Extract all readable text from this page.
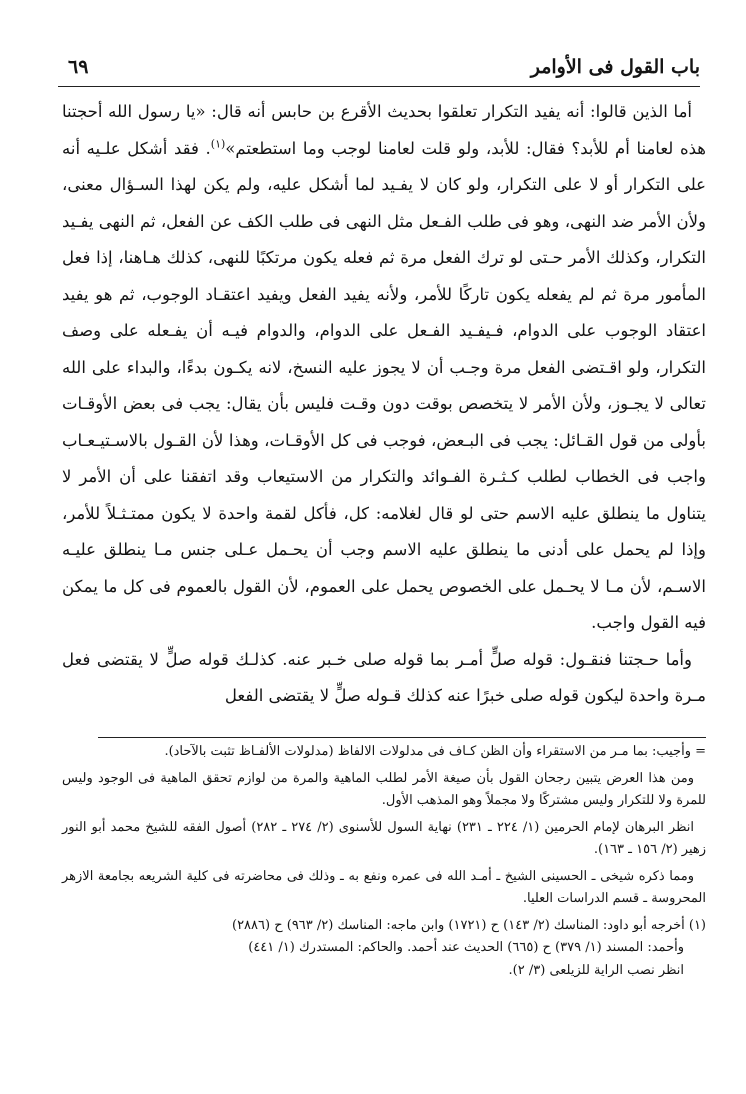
باب القول فى الأوامر
٦٩

أما الذين قالوا: أنه يفيد التكرار تعلقوا بحديث الأقرع بن حابس أنه قال: «يا رسول الله أحجتنا هذه لعامنا أم للأبد؟ فقال: للأبد، ولو قلت لعامنا لوجب وما استطعتم»$^{(١)}$. فقد أشكل علـيه أنه على التكرار أو لا على التكرار، ولو كان لا يفـيد لما أشكل عليه، ولم يكن لهذا السـؤال معنى، ولأن الأمر ضد النهى، وهو فى طلب الفـعل مثل النهى فى طلب الكف عن الفعل، ثم النهى يفـيد التكرار، وكذلك الأمر حـتى لو ترك الفعل مرة ثم فعله يكون مرتكبًا للنهى، كذلك هـاهنا، إذا فعل المأمور مرة ثم لم يفعله يكون تاركًا للأمر، ولأنه يفيد الفعل ويفيد اعتقـاد الوجوب، ثم هو يفيد اعتقاد الوجوب على الدوام، فـيفـيد الفـعل على الدوام، والدوام فيـه أن يفـعله على وصف التكرار، ولو اقـتضى الفعل مرة وجـب أن لا يجوز عليه النسخ، لانه يكـون بدءًا، والبداء على الله تعالى لا يجـوز، ولأن الأمر لا يتخصص بوقت دون وقـت فليس بأن يقال: يجب فى بعض الأوقـات بأولى من قول القـائل: يجب فى البـعض، فوجب فى كل الأوقـات، وهذا لأن القـول بالاسـتيـعـاب واجب فى الخطاب لطلب كـثـرة الفـوائد والتكرار من الاستيعاب وقد اتفقنا على أن الأمر لا يتناول ما ينطلق عليه الاسم حتى لو قال لغلامه: كل، فأكل لقمة واحدة لا يكون ممتـثـلاً للأمر، وإذا لم يحمل على أدنى ما ينطلق عليه الاسم وجب أن يحـمل عـلى جنس مـا ينطلق عليـه الاسـم، لأن مـا لا يحـمل على الخصوص يحمل على العموم، لأن القول بالعموم فى كل ما يمكن فيه القول واجب.

وأما حـجتنا فنقـول: قوله صلٍّ أمـر بما قوله صلى خـبر عنه. كذلـك قوله صلٍّ لا يقتضى فعل مـرة واحدة ليكون قوله صلى خبرًا عنه كذلك قـوله صلٍّ لا يقتضى الفعل

= وأجيب: بما مـر من الاستقراء وأن الظن كـاف فى مدلولات الالفاظ (مدلولات الألفـاظ تثبت بالآحاد).

ومن هذا العرض يتبين رجحان القول بأن صيغة الأمر لطلب الماهية والمرة من لوازم تحقق الماهية فى الوجود وليس للمرة ولا للتكرار وليس مشتركًا ولا مجملاً وهو المذهب الأول.

انظر البرهان لإمام الحرمين (١/ ٢٢٤ ـ ٢٣١) نهاية السول للأسنوى (٢/ ٢٧٤ ـ ٢٨٢) أصول الفقه للشيخ محمد أبو النور زهير (٢/ ١٥٦ ـ ١٦٣).

ومما ذكره شيخى ـ الحسينى الشيخ ـ أمـد الله فى عمره ونفع به ـ وذلك فى محاضرته فى كلية الشريعه بجامعة الازهر المحروسة ـ قسم الدراسات العليا.

(١) أخرجه أبو داود: المناسك (٢/ ١٤٣) ح (١٧٢١) وابن ماجه: المناسك (٢/ ٩٦٣) ح (٢٨٨٦)
وأحمد: المسند (١/ ٣٧٩) ح (٦٦٥) الحديث عند أحمد. والحاكم: المستدرك (١/ ٤٤١)
انظر نصب الراية للزيلعى (٣/ ٢).
